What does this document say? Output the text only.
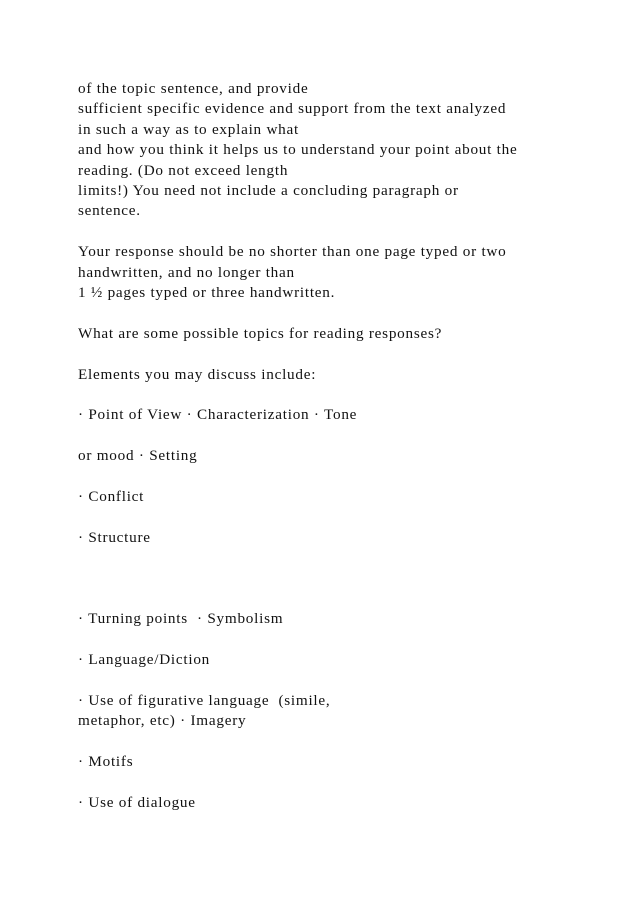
of the topic sentence, and provide
sufficient specific evidence and support from the text analyzed
in such a way as to explain what
and how you think it helps us to understand your point about the
reading. (Do not exceed length
limits!) You need not include a concluding paragraph or
sentence.

Your response should be no shorter than one page typed or two
handwritten, and no longer than
1 ½ pages typed or three handwritten.

What are some possible topics for reading responses?

Elements you may discuss include:

· Point of View · Characterization · Tone

or mood · Setting

· Conflict

· Structure

· Turning points  · Symbolism

· Language/Diction

· Use of figurative language  (simile,
metaphor, etc) · Imagery

· Motifs

· Use of dialogue
